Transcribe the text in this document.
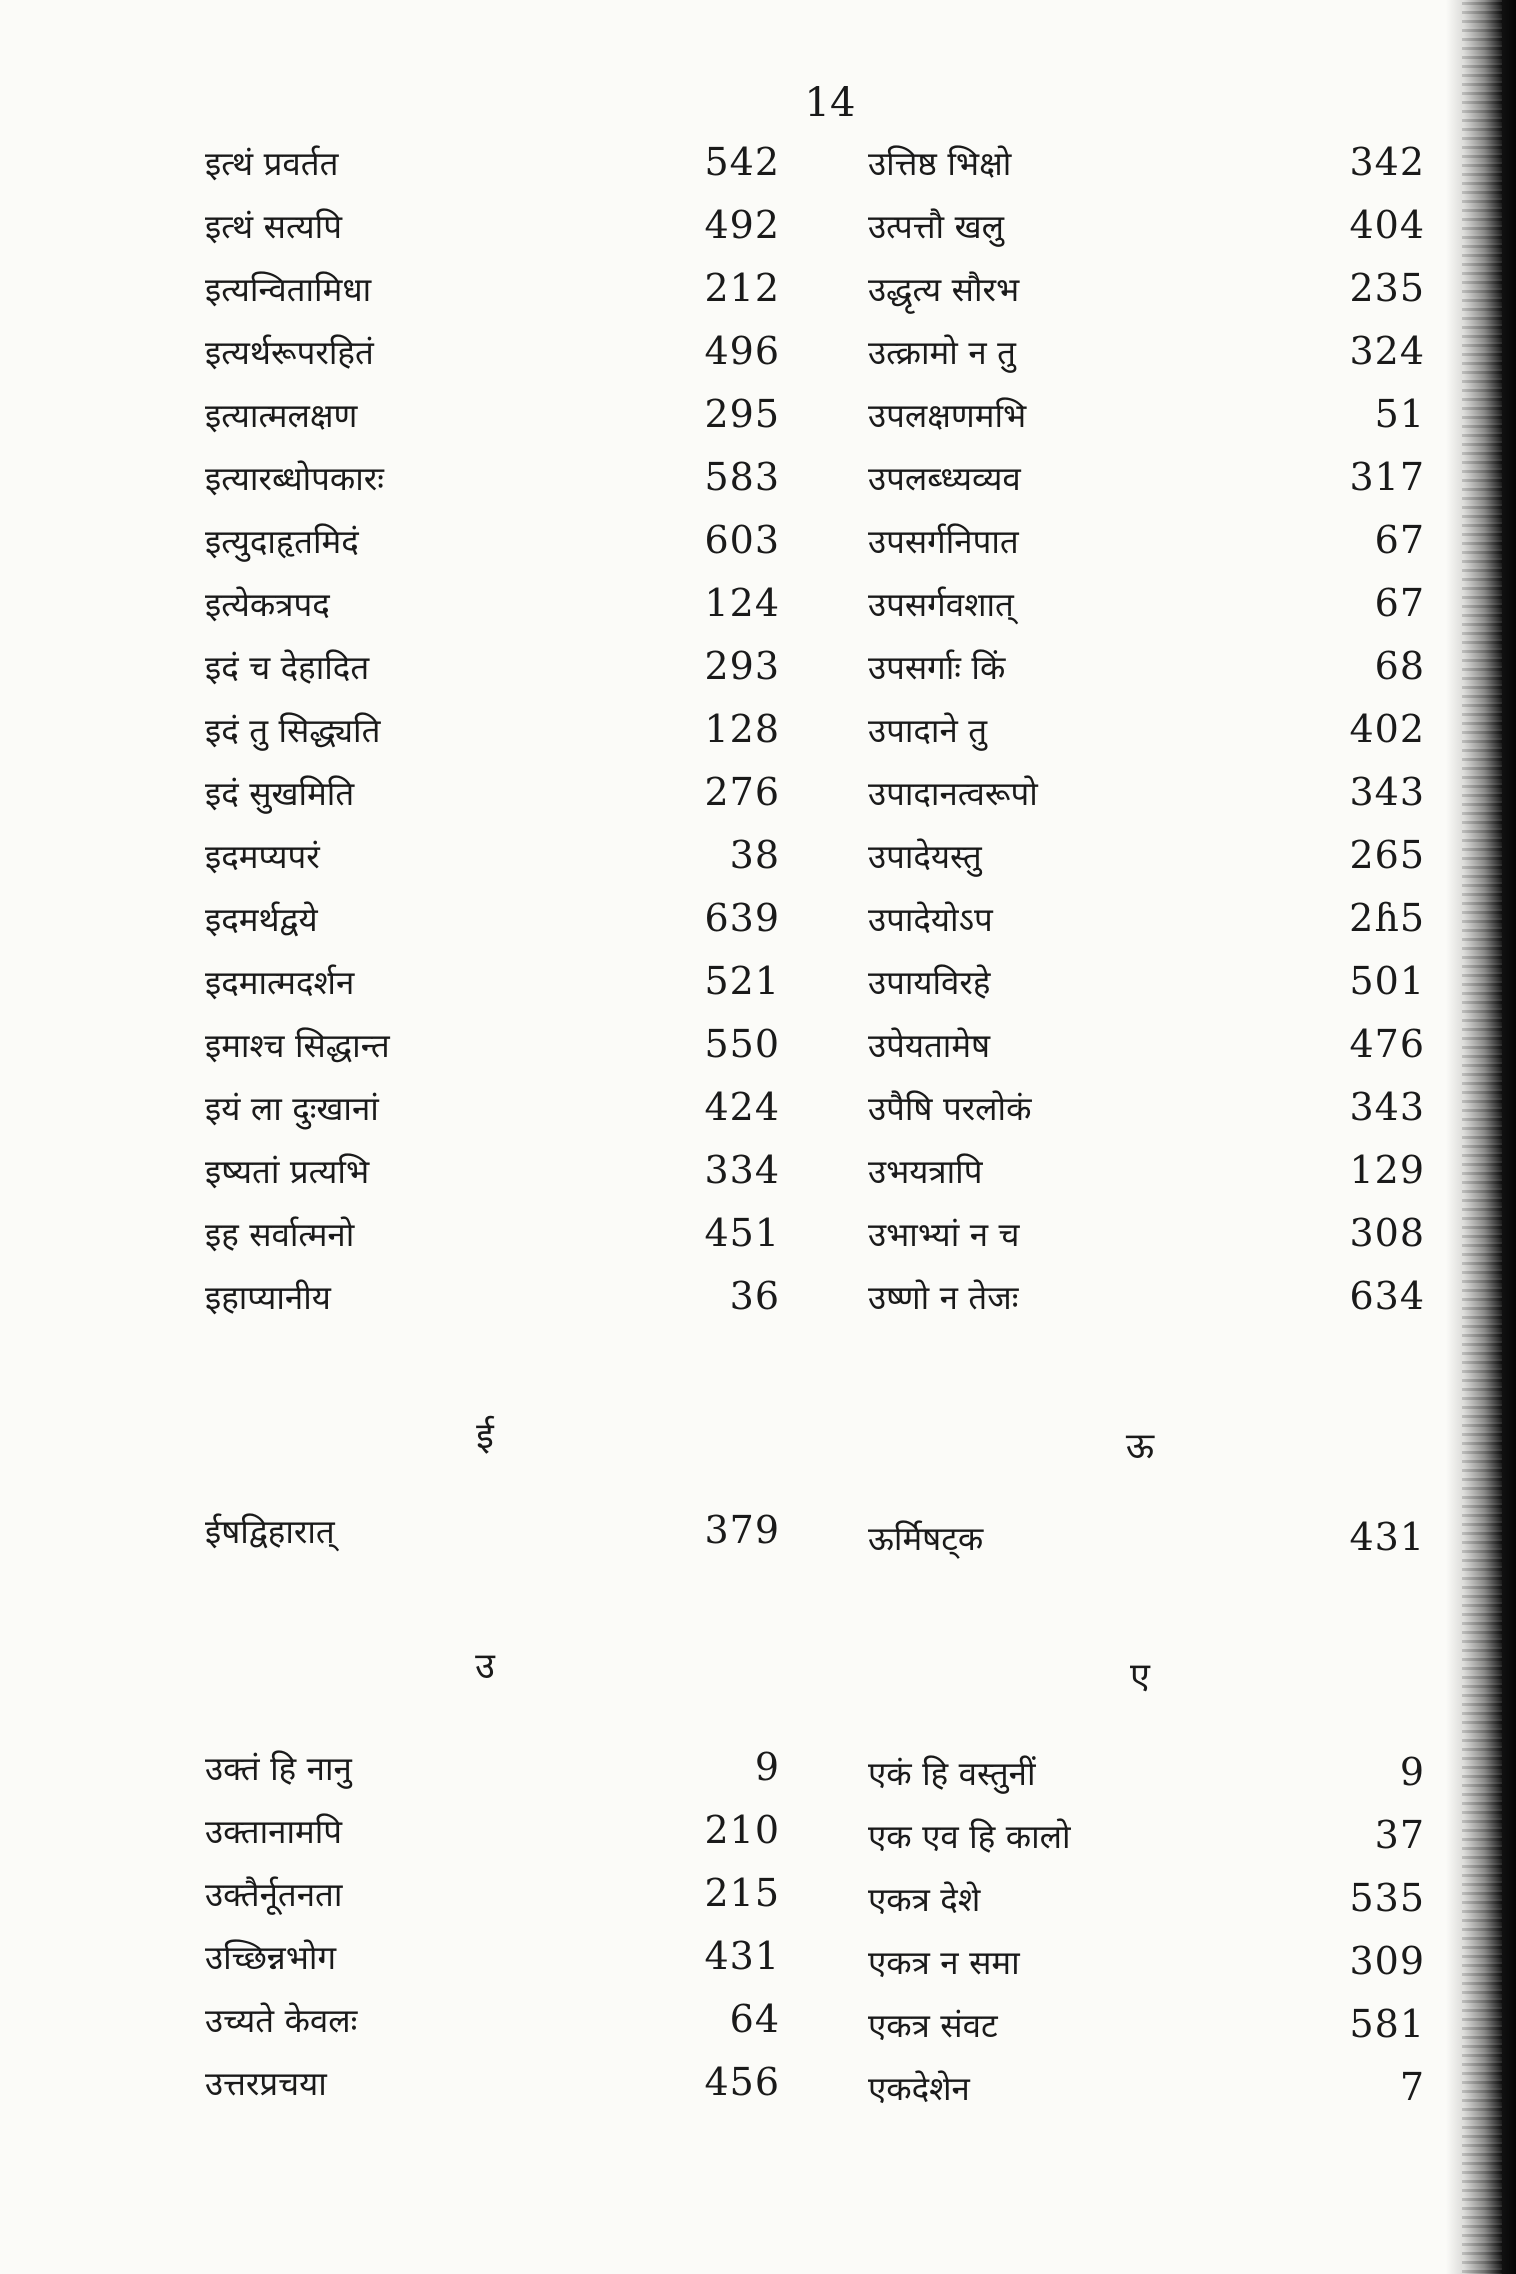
14

इत्थं प्रवर्तत	542
इत्थं सत्यपि	492
इत्यन्वितामिधा	212
इत्यर्थरूपरहितं	496
इत्यात्मलक्षण	295
इत्यारब्धोपकारः	583
इत्युदाहृतमिदं	603
इत्येकत्रपद	124
इदं च देहादित	293
इदं तु सिद्ध्यति	128
इदं सुखमिति	276
इदमप्यपरं	38
इदमर्थद्वये	639
इदमात्मदर्शन	521
इमाश्च सिद्धान्त	550
इयं ला दुःखानां	424
इष्यतां प्रत्यभि	334
इह सर्वात्मनो	451
इहाप्यानीय	36
उत्तिष्ठ भिक्षो	342
उत्पत्तौ खलु	404
उद्धृत्य सौरभ	235
उत्क्रामो न तु	324
उपलक्षणमभि	51
उपलब्ध्यव्यव	317
उपसर्गनिपात	67
उपसर्गवशात्	67
उपसर्गाः किं	68
उपादाने तु	402
उपादानत्वरूपो	343
उपादेयस्तु	265
उपादेयोऽप	2ɦ5
उपायविरहे	501
उपेयतामेष	476
उपैषि परलोकं	343
उभयत्रापि	129
उभाभ्यां न च	308
उष्णो न तेजः	634
ई
ईषद्विहारात्	379
ऊ
ऊर्मिषट्क	431
उ
उक्तं हि नानु	9
उक्तानामपि	210
उक्तैर्नूतनता	215
उच्छिन्नभोग	431
उच्यते केवलः	64
उत्तरप्रचया	456
ए
एकं हि वस्तुनीं	9
एक एव हि कालो	37
एकत्र देशे	535
एकत्र न समा	309
एकत्र संवट	581
एकदेशेन	7
